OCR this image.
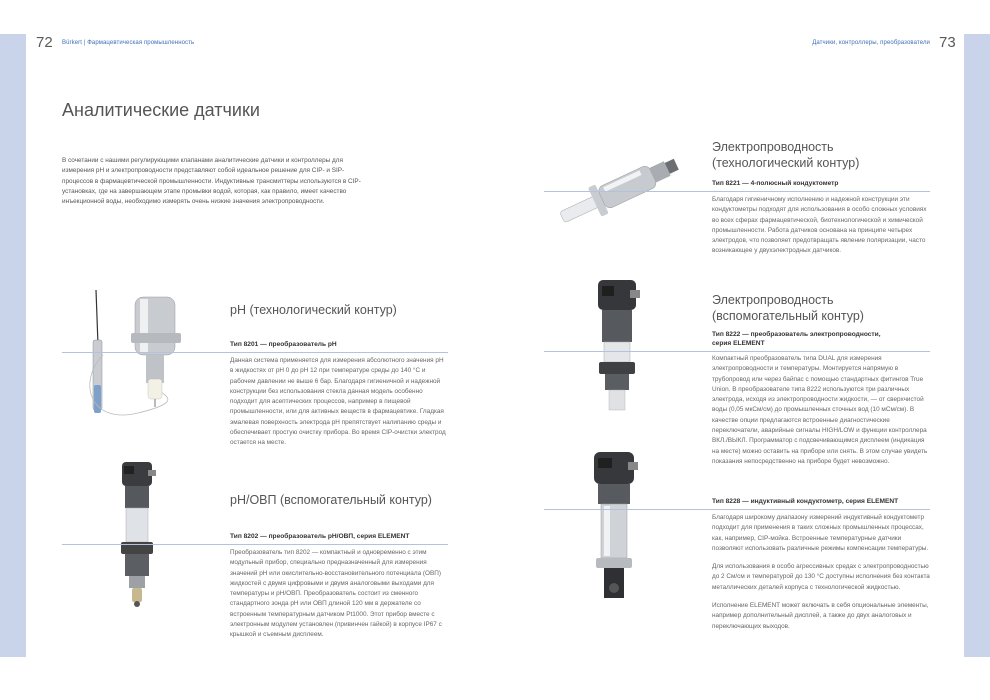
72 Bürkert | Фармацевтическая промышленность	Датчики, контроллеры, преобразователи 73
Аналитические датчики
В сочетании с нашими регулирующими клапанами аналитические датчики и контроллеры для измерения pH и электропроводности представляют собой идеальное решение для CIP- и SIP-процессов в фармацевтической промышленности. Индуктивные трансмиттеры используются в CIP-установках, где на завершающем этапе промывки водой, которая, как правило, имеет качество инъекционной воды, необходимо измерять очень низкие значения электропроводности.
pH (технологический контур)
Тип 8201 — преобразователь pH
Данная система применяется для измерения абсолютного значения pH в жидкостях от pH 0 до pH 12 при температуре среды до 140 °C и рабочем давлении не выше 6 бар. Благодаря гигиеничной и надежной конструкции без использования стекла данная модель особенно подходит для асептических процессов, например в пищевой промышленности, или для активных веществ в фармацевтике. Гладкая эмалевая поверхность электрода pH препятствует налипанию среды и обеспечивает простую очистку прибора. Во время CIP-очистки электрод остается на месте.
pH/ОВП (вспомогательный контур)
Тип 8202 — преобразователь pH/ОВП, серия ELEMENT
Преобразователь тип 8202 — компактный и одновременно с этим модульный прибор, специально предназначенный для измерения значений pH или окислительно-восстановительного потенциала (ОВП) жидкостей с двумя цифровыми и двумя аналоговыми выходами для температуры и pH/ОВП. Преобразователь состоит из сменного стандартного зонда pH или ОВП длиной 120 мм в держателе со встроенным температурным датчиком Pt1000. Этот прибор вместе с электронным модулем установлен (привинчен гайкой) в корпусе IP67 с крышкой и съемным дисплеем.
Электропроводность
(технологический контур)
Тип 8221 — 4-полюсный кондуктометр
Благодаря гигиеничному исполнению и надежной конструкции эти кондуктометры подходят для использования в особо сложных условиях во всех сферах фармацевтической, биотехнологической и химической промышленности. Работа датчиков основана на принципе четырех электродов, что позволяет предотвращать явление поляризации, часто возникающее у двухэлектродных датчиков.
Электропроводность
(вспомогательный контур)
Тип 8222 — преобразователь электропроводности,
серия ELEMENT
Компактный преобразователь типа DUAL для измерения электропроводности и температуры. Монтируется напрямую в трубопровод или через байпас с помощью стандартных фитингов True Union. В преобразователе типа 8222 используются три различных электрода, исходя из электропроводности жидкости, — от сверхчистой воды (0,05 мкСм/см) до промышленных сточных вод (10 мСм/см). В качестве опции предлагаются встроенные диагностические переключатели, аварийные сигналы HIGH/LOW и функции контроллера ВКЛ./ВЫКЛ. Программатор с подсвечивающимся дисплеем (индикация на месте) можно оставить на приборе или снять. В этом случае увидеть показания непосредственно на приборе будет невозможно.
Тип 8228 — индуктивный кондуктометр, серия ELEMENT

Благодаря широкому диапазону измерений индуктивный кондуктометр подходит для применения в таких сложных промышленных процессах, как, например, CIP-мойка. Встроенные температурные датчики позволяют использовать различные режимы компенсации температуры.

Для использования в особо агрессивных средах с электропроводностью до 2 См/см и температурой до 130 °C доступны исполнения без контакта металлических деталей корпуса с технологической жидкостью.

Исполнение ELEMENT может включать в себя опциональные элементы, например дополнительный дисплей, а также до двух аналоговых и переключающих выходов.
